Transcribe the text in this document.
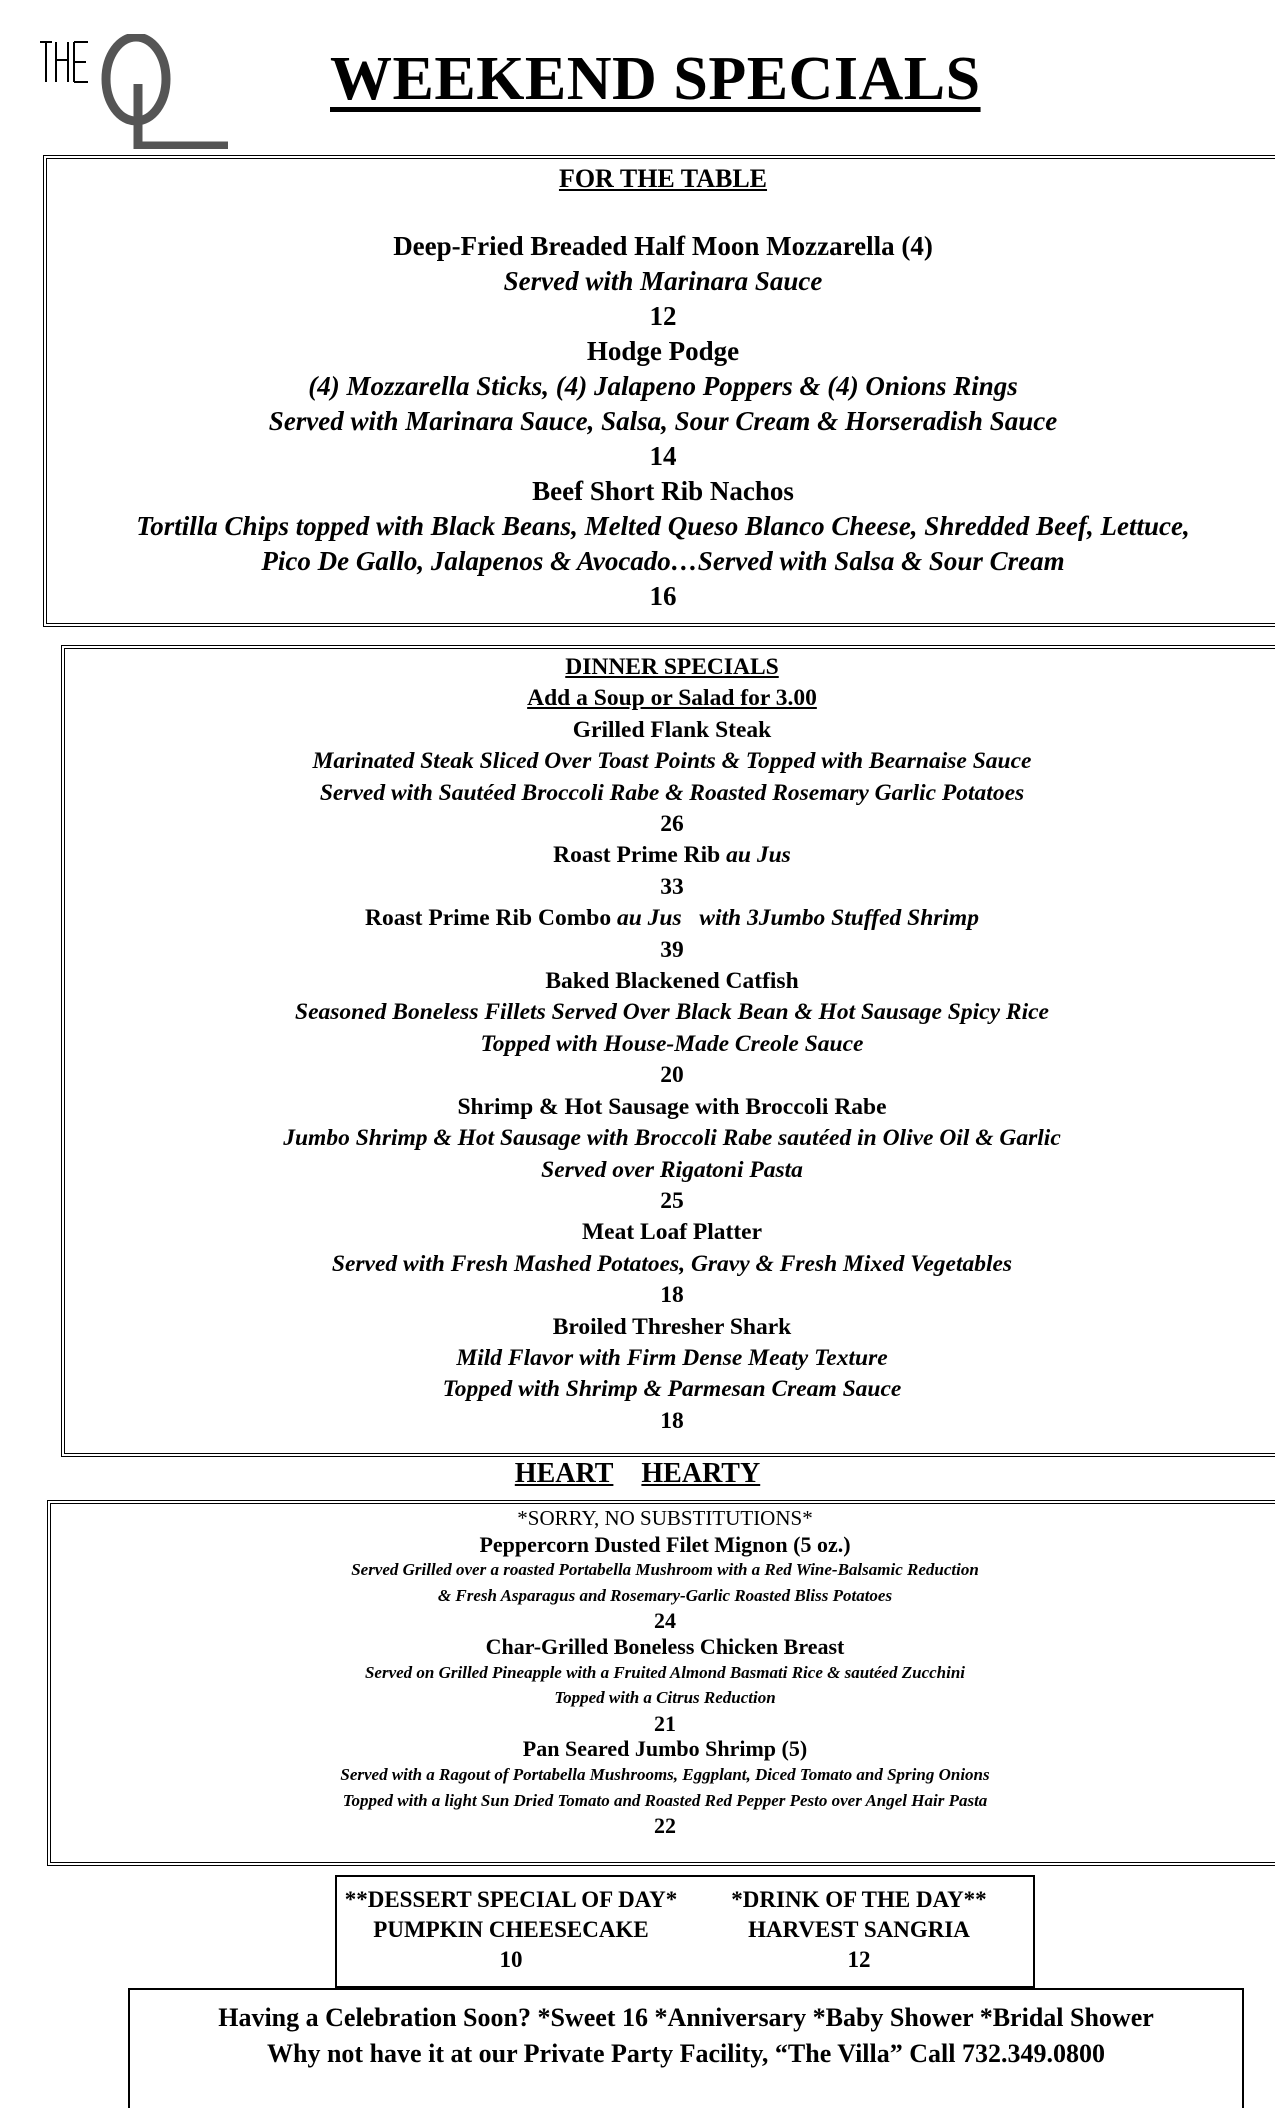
WEEKEND SPECIALS
FOR THE TABLE
Deep-Fried Breaded Half Moon Mozzarella (4)
Served with Marinara Sauce
12
Hodge Podge
(4) Mozzarella Sticks, (4) Jalapeno Poppers & (4) Onions Rings
Served with Marinara Sauce, Salsa, Sour Cream & Horseradish Sauce
14
Beef Short Rib Nachos
Tortilla Chips topped with Black Beans, Melted Queso Blanco Cheese, Shredded Beef, Lettuce,
Pico De Gallo, Jalapenos & Avocado…Served with Salsa & Sour Cream
16
DINNER SPECIALS
Add a Soup or Salad for 3.00
Grilled Flank Steak
Marinated Steak Sliced Over Toast Points & Topped with Bearnaise Sauce
Served with Sautéed Broccoli Rabe & Roasted Rosemary Garlic Potatoes
26
Roast Prime Rib au Jus
33
Roast Prime Rib Combo au Jus   with 3Jumbo Stuffed Shrimp
39
Baked Blackened Catfish
Seasoned Boneless Fillets Served Over Black Bean & Hot Sausage Spicy Rice
Topped with House-Made Creole Sauce
20
Shrimp & Hot Sausage with Broccoli Rabe
Jumbo Shrimp & Hot Sausage with Broccoli Rabe sautéed in Olive Oil & Garlic
Served over Rigatoni Pasta
25
Meat Loaf Platter
Served with Fresh Mashed Potatoes, Gravy & Fresh Mixed Vegetables
18
Broiled Thresher Shark
Mild Flavor with Firm Dense Meaty Texture
Topped with Shrimp & Parmesan Cream Sauce
18
HEART HEARTY
*SORRY, NO SUBSTITUTIONS*
Peppercorn Dusted Filet Mignon (5 oz.)
Served Grilled over a roasted Portabella Mushroom with a Red Wine-Balsamic Reduction
& Fresh Asparagus and Rosemary-Garlic Roasted Bliss Potatoes
24
Char-Grilled Boneless Chicken Breast
Served on Grilled Pineapple with a Fruited Almond Basmati Rice & sautéed Zucchini
Topped with a Citrus Reduction
21
Pan Seared Jumbo Shrimp (5)
Served with a Ragout of Portabella Mushrooms, Eggplant, Diced Tomato and Spring Onions
Topped with a light Sun Dried Tomato and Roasted Red Pepper Pesto over Angel Hair Pasta
22
**DESSERT SPECIAL OF DAY*	*DRINK OF THE DAY**
PUMPKIN CHEESECAKE	HARVEST SANGRIA
10	12
Having a Celebration Soon? *Sweet 16 *Anniversary *Baby Shower *Bridal Shower
Why not have it at our Private Party Facility, “The Villa” Call 732.349.0800
